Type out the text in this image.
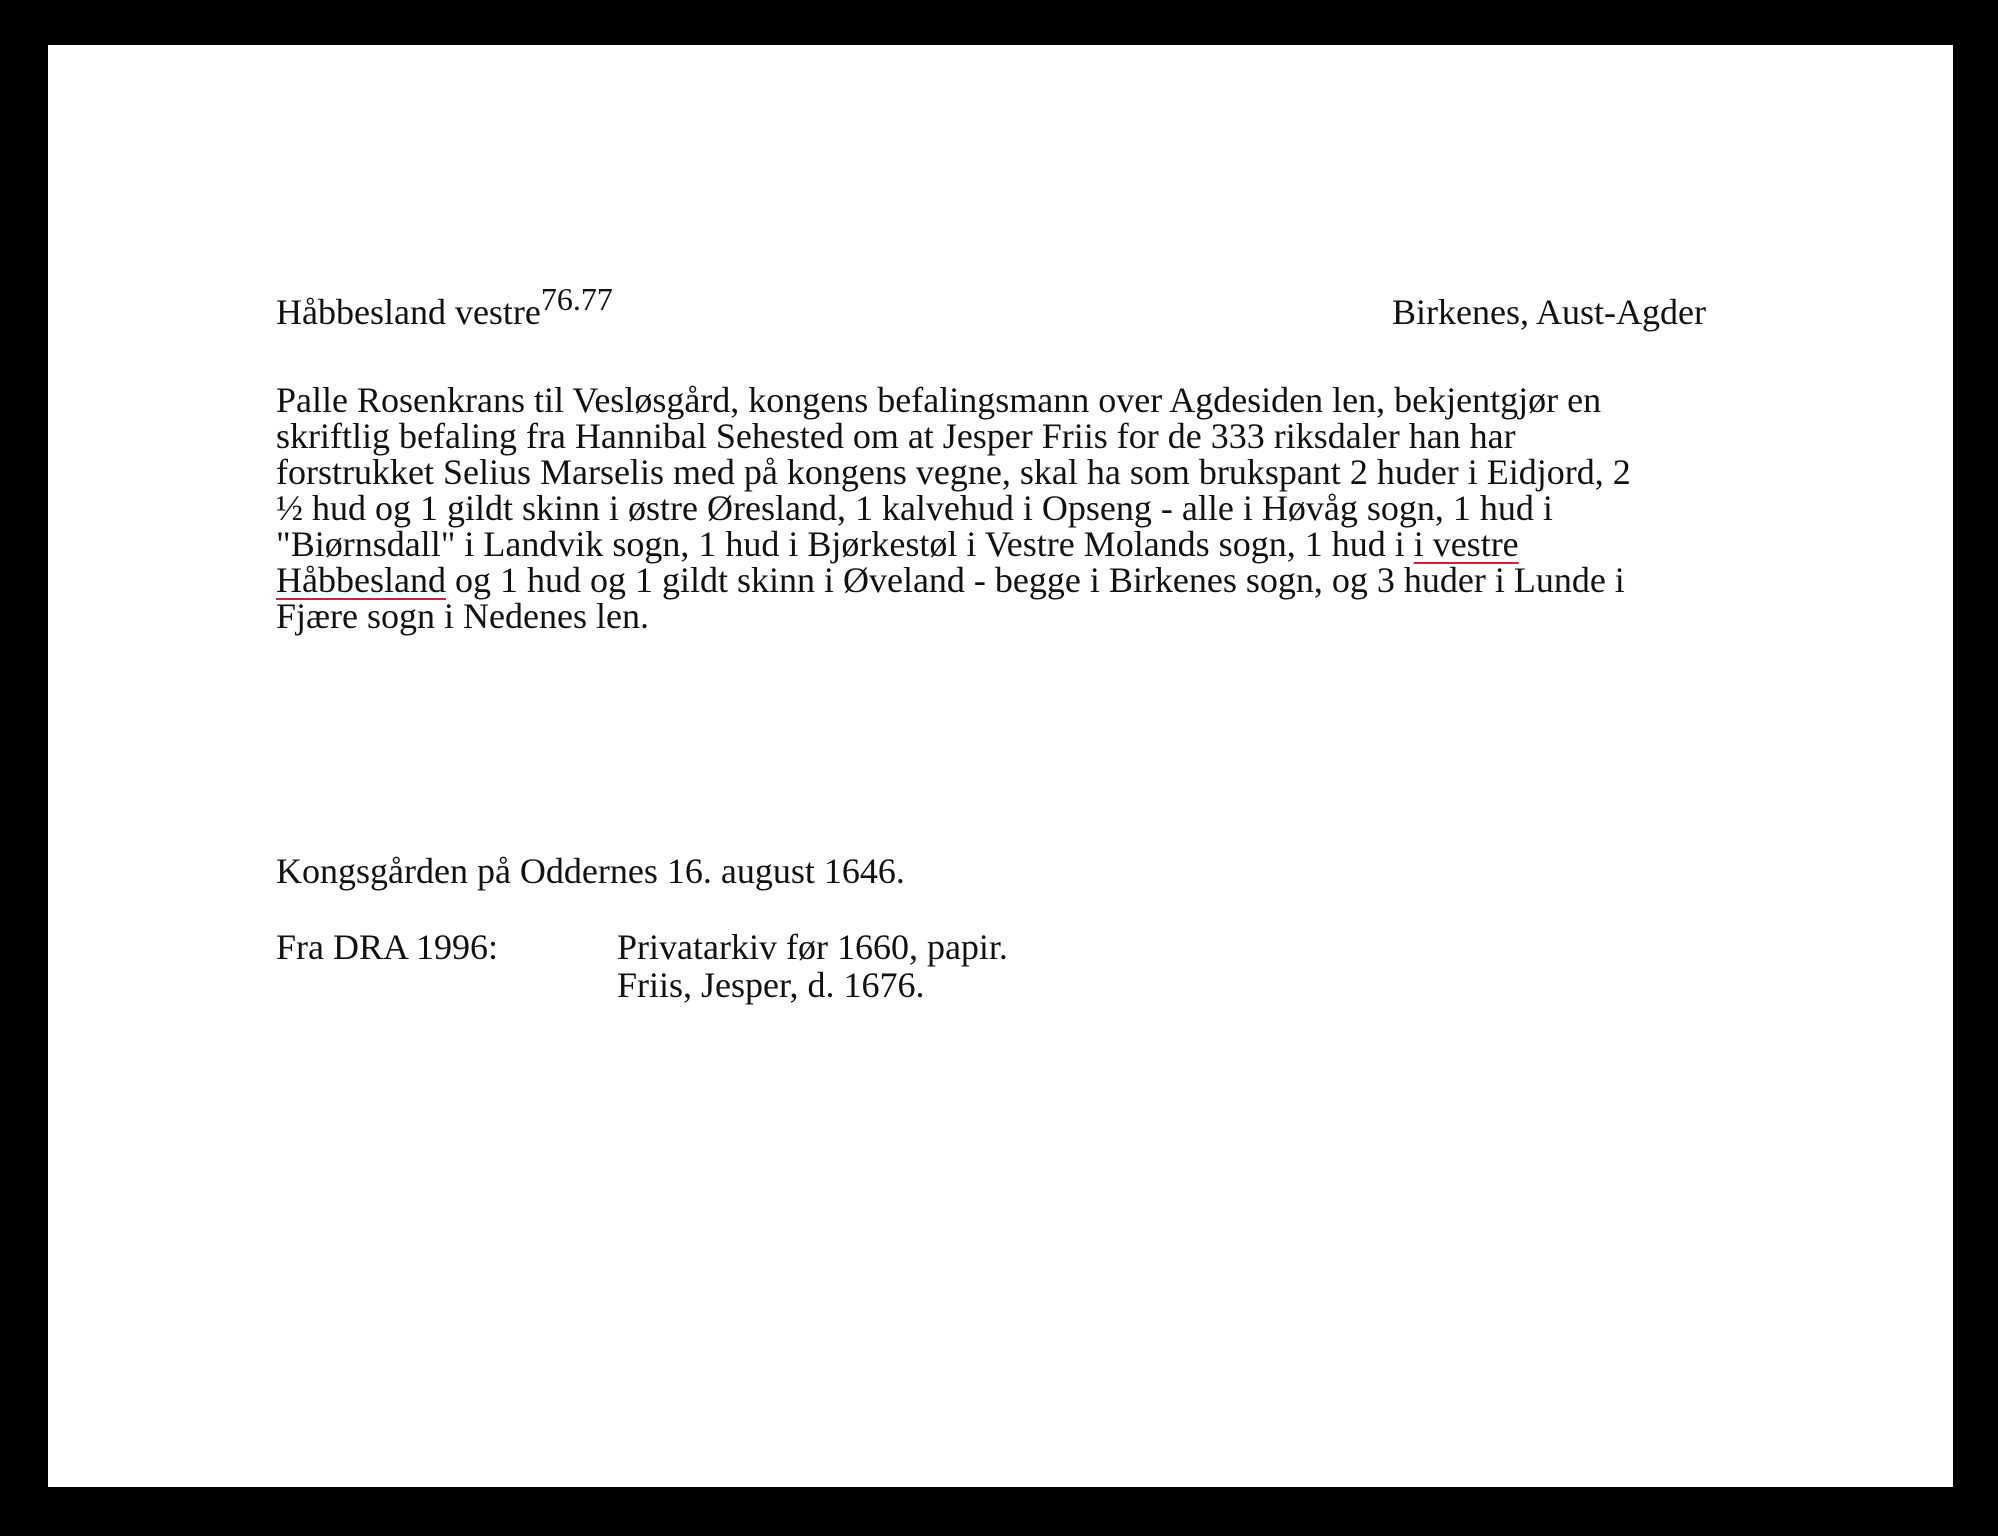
Håbbesland vestre$^{76.77}$	Birkenes, Aust-Agder
Palle Rosenkrans til Vesløsgård, kongens befalingsmann over Agdesiden len, bekjentgjør en
skriftlig befaling fra Hannibal Sehested om at Jesper Friis for de 333 riksdaler han har
forstrukket Selius Marselis med på kongens vegne, skal ha som brukspant 2 huder i Eidjord, 2
½ hud og 1 gildt skinn i østre Øresland, 1 kalvehud i Opseng - alle i Høvåg sogn, 1 hud i
"Biørnsdall" i Landvik sogn, 1 hud i Bjørkestøl i Vestre Molands sogn, 1 hud i i vestre
Håbbesland og 1 hud og 1 gildt skinn i Øveland - begge i Birkenes sogn, og 3 huder i Lunde i
Fjære sogn i Nedenes len.
Kongsgården på Oddernes 16. august 1646.
Fra DRA 1996:	Privatarkiv før 1660, papir.
Friis, Jesper, d. 1676.
